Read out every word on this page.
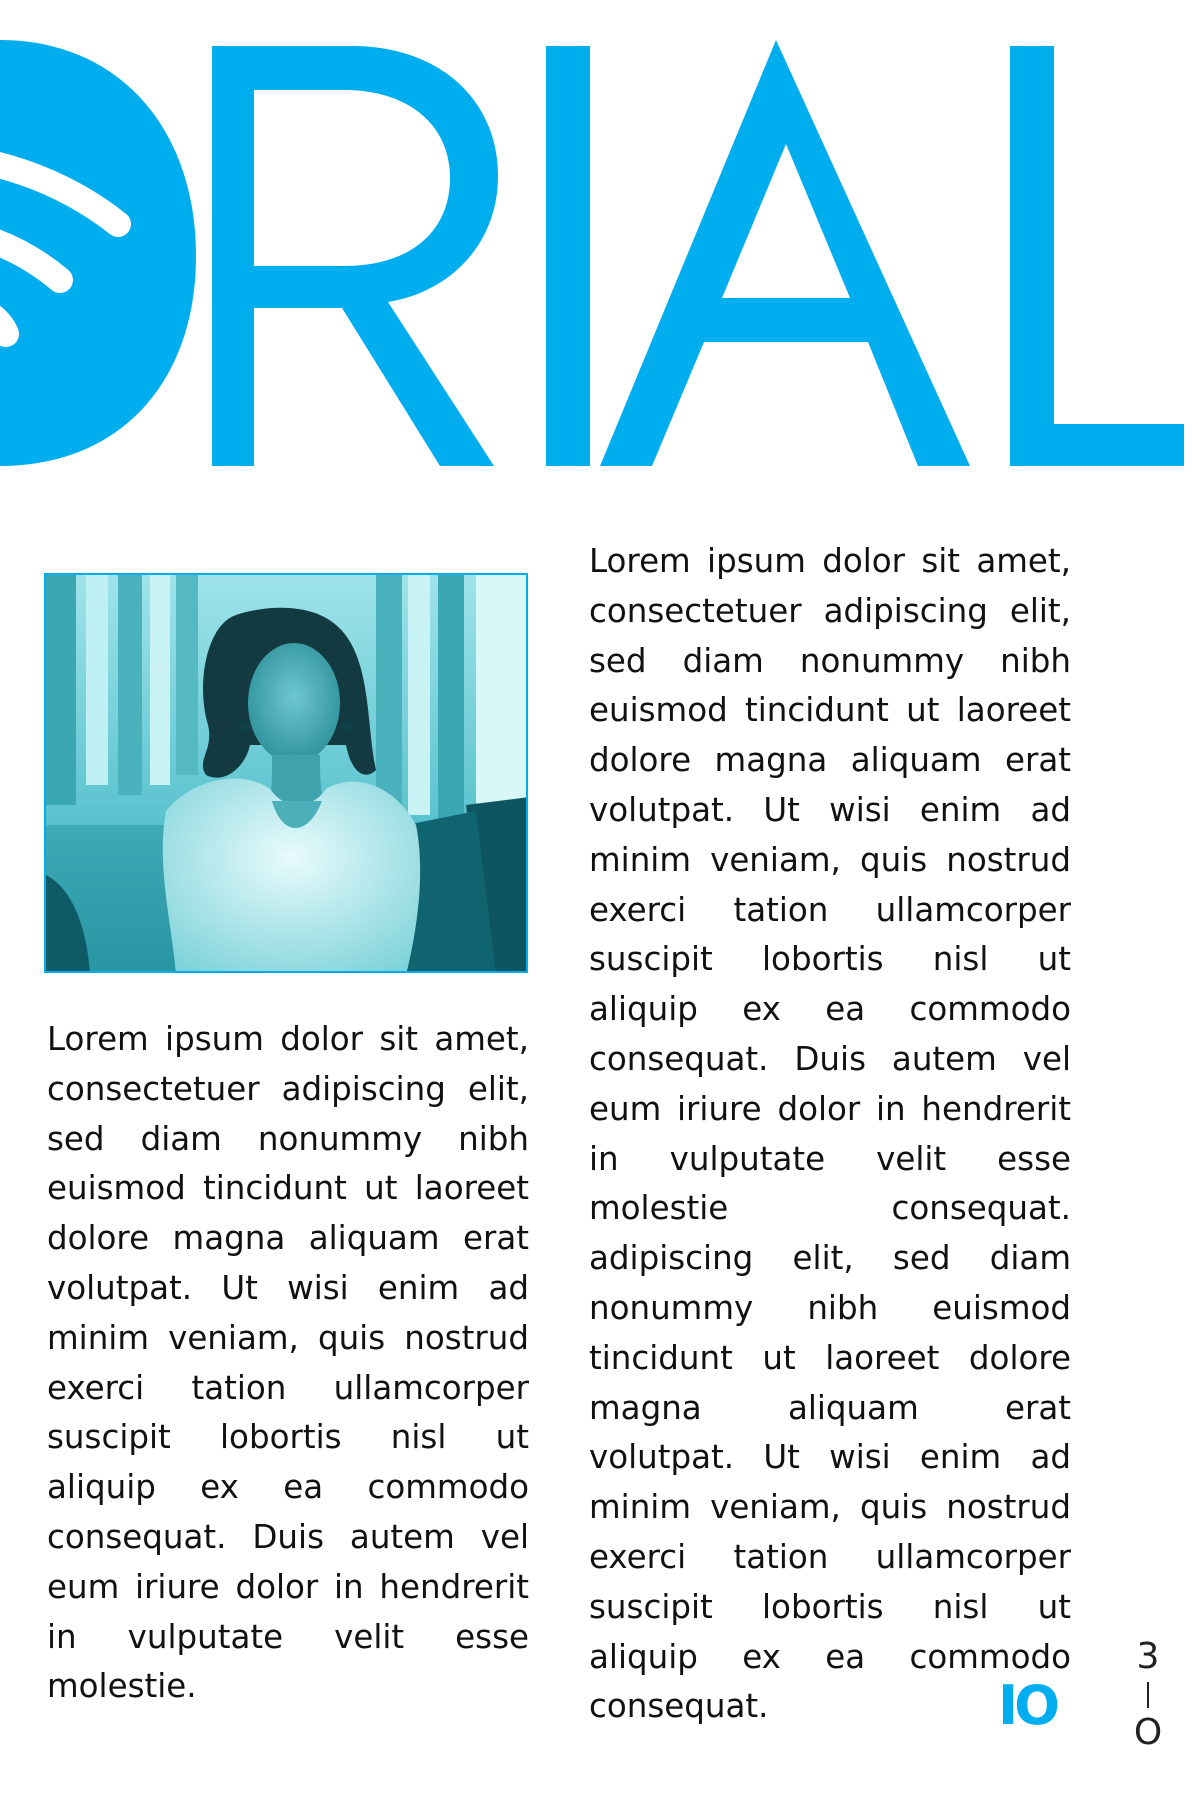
Lorem ipsum dolor sit amet, consectetuer adipiscing elit, sed diam nonummy nibh euismod tincidunt ut laoreet dolore magna aliquam erat volutpat. Ut wisi enim ad minim veniam, quis nostrud exerci tation ullamcorper suscipit lobortis nisl ut aliquip ex ea commodo consequat. Duis autem vel eum iriure dolor in hendrerit in vulputate velit esse molestie.

Lorem ipsum dolor sit amet, consectetuer adipiscing elit, sed diam nonummy nibh euismod tincidunt ut laoreet dolore magna aliquam erat volutpat. Ut wisi enim ad minim veniam, quis nostrud exerci tation ullamcorper suscipit lobortis nisl ut aliquip ex ea commodo consequat. Duis autem vel eum iriure dolor in hendrerit in vulputate velit esse molestie consequat. adipiscing elit, sed diam nonummy nibh euismod tincidunt ut laoreet dolore magna aliquam erat volutpat. Ut wisi enim ad minim veniam, quis nostrud exerci tation ullamcorper suscipit lobortis nisl ut aliquip ex ea commodo consequat.	IO
3
O
